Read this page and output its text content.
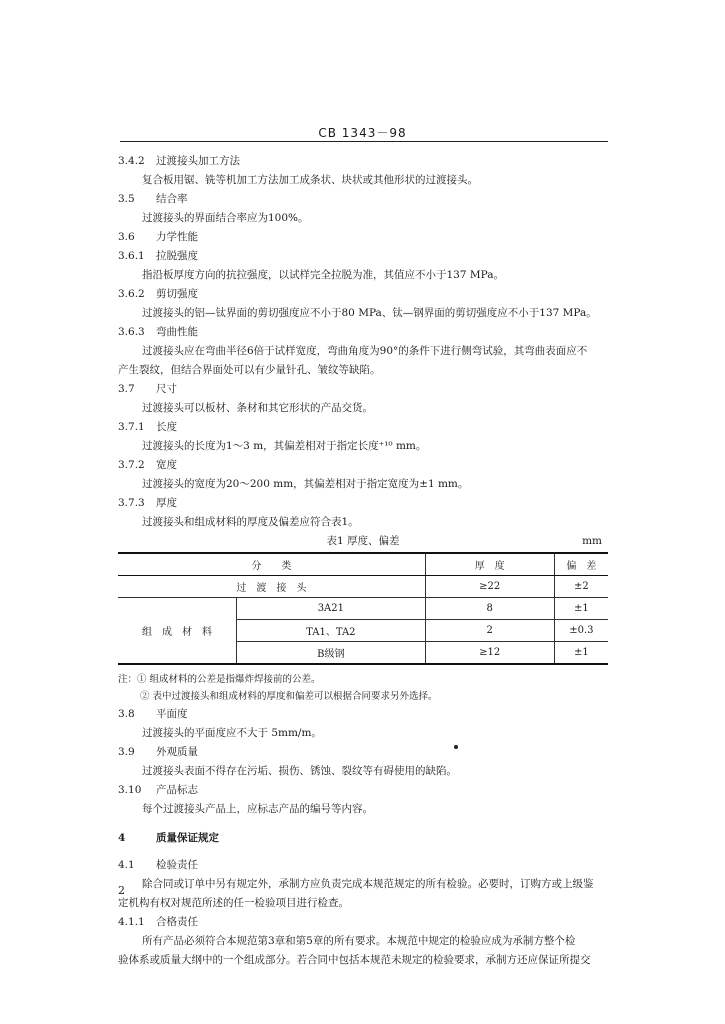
CB 1343－98
3.4.2 过渡接头加工方法
复合板用锯、铣等机加工方法加工成条状、块状或其他形状的过渡接头。
3.5 结合率
过渡接头的界面结合率应为100%。
3.6 力学性能
3.6.1 拉脱强度
指沿板厚度方向的抗拉强度，以试样完全拉脱为准，其值应不小于137 MPa。
3.6.2 剪切强度
过渡接头的铝—钛界面的剪切强度应不小于80 MPa、钛—钢界面的剪切强度应不小于137 MPa。
3.6.3 弯曲性能
过渡接头应在弯曲半径6倍于试样宽度，弯曲角度为90°的条件下进行侧弯试验，其弯曲表面应不
产生裂纹，但结合界面处可以有少量针孔、皱纹等缺陷。
3.7 尺寸
过渡接头可以板材、条材和其它形状的产品交货。
3.7.1 长度
过渡接头的长度为1～3 m，其偏差相对于指定长度⁺¹⁰ mm。
3.7.2 宽度
过渡接头的宽度为20～200 mm，其偏差相对于指定宽度为±1 mm。
3.7.3 厚度
过渡接头和组成材料的厚度及偏差应符合表1。
表1 厚度、偏差	mm
分　　类		厚　度	偏　差
过　渡　接　头		≥22	±2
组　成　材　料	3A21	8	±1
	TA1、TA2	2	±0.3
	B级钢	≥12	±1
注：① 组成材料的公差是指爆炸焊接前的公差。
② 表中过渡接头和组成材料的厚度和偏差可以根据合同要求另外选择。
3.8 平面度
过渡接头的平面度应不大于 5mm/m。
3.9 外观质量
过渡接头表面不得存在污垢、损伤、锈蚀、裂纹等有碍使用的缺陷。
3.10 产品标志
每个过渡接头产品上，应标志产品的编号等内容。
4	质量保证规定
4.1 检验责任
除合同或订单中另有规定外，承制方应负责完成本规范规定的所有检验。必要时，订购方或上级鉴
定机构有权对规范所述的任一检验项目进行检查。
4.1.1 合格责任
所有产品必须符合本规范第3章和第5章的所有要求。本规范中规定的检验应成为承制方整个检
验体系或质量大纲中的一个组成部分。若合同中包括本规范未规定的检验要求，承制方还应保证所提交
2
